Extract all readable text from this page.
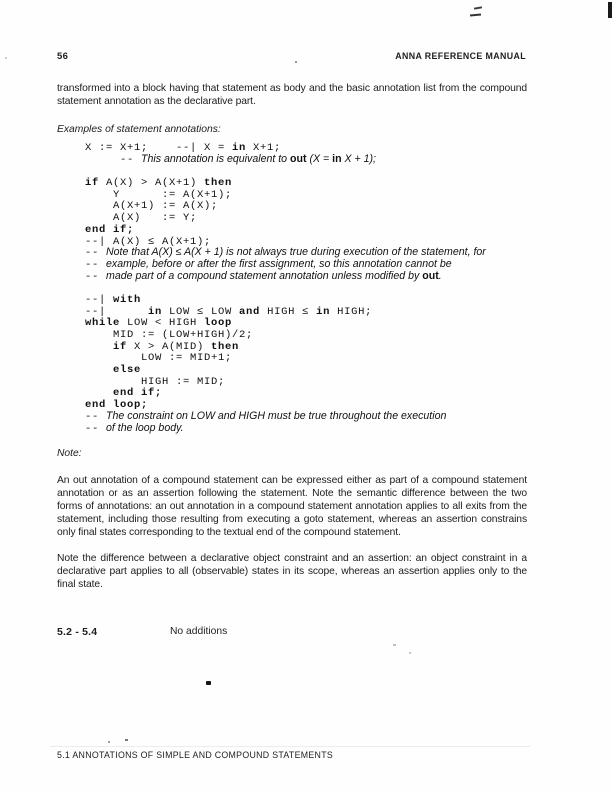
56	ANNA REFERENCE MANUAL
transformed into a block having that statement as body and the basic annotation list from the compound statement annotation as the declarative part.
Examples of statement annotations:
X := X+1;    --| X = in X+1;
-- This annotation is equivalent to out (X = in X + 1);

if A(X) > A(X+1) then
Y      := A(X+1);
A(X+1) := A(X);
A(X)   := Y;
end if;
--| A(X) ≤ A(X+1);
-- Note that A(X) ≤ A(X + 1) is not always true during execution of the statement, for
-- example, before or after the first assignment, so this annotation cannot be
-- made part of a compound statement annotation unless modified by out.

--| with
--|      in LOW ≤ LOW and HIGH ≤ in HIGH;
while LOW < HIGH loop
MID := (LOW+HIGH)/2;
if X > A(MID) then
LOW := MID+1;
else
HIGH := MID;
end if;
end loop;
-- The constraint on LOW and HIGH must be true throughout the execution
-- of the loop body.
Note:
An out annotation of a compound statement can be expressed either as part of a compound statement annotation or as an assertion following the statement. Note the semantic difference between the two forms of annotations: an out annotation in a compound statement annotation applies to all exits from the statement, including those resulting from executing a goto statement, whereas an assertion constrains only final states corresponding to the textual end of the compound statement.
Note the difference between a declarative object constraint and an assertion: an object constraint in a declarative part applies to all (observable) states in its scope, whereas an assertion applies only to the final state.
5.2 - 5.4	No additions
5.1 ANNOTATIONS OF SIMPLE AND COMPOUND STATEMENTS
